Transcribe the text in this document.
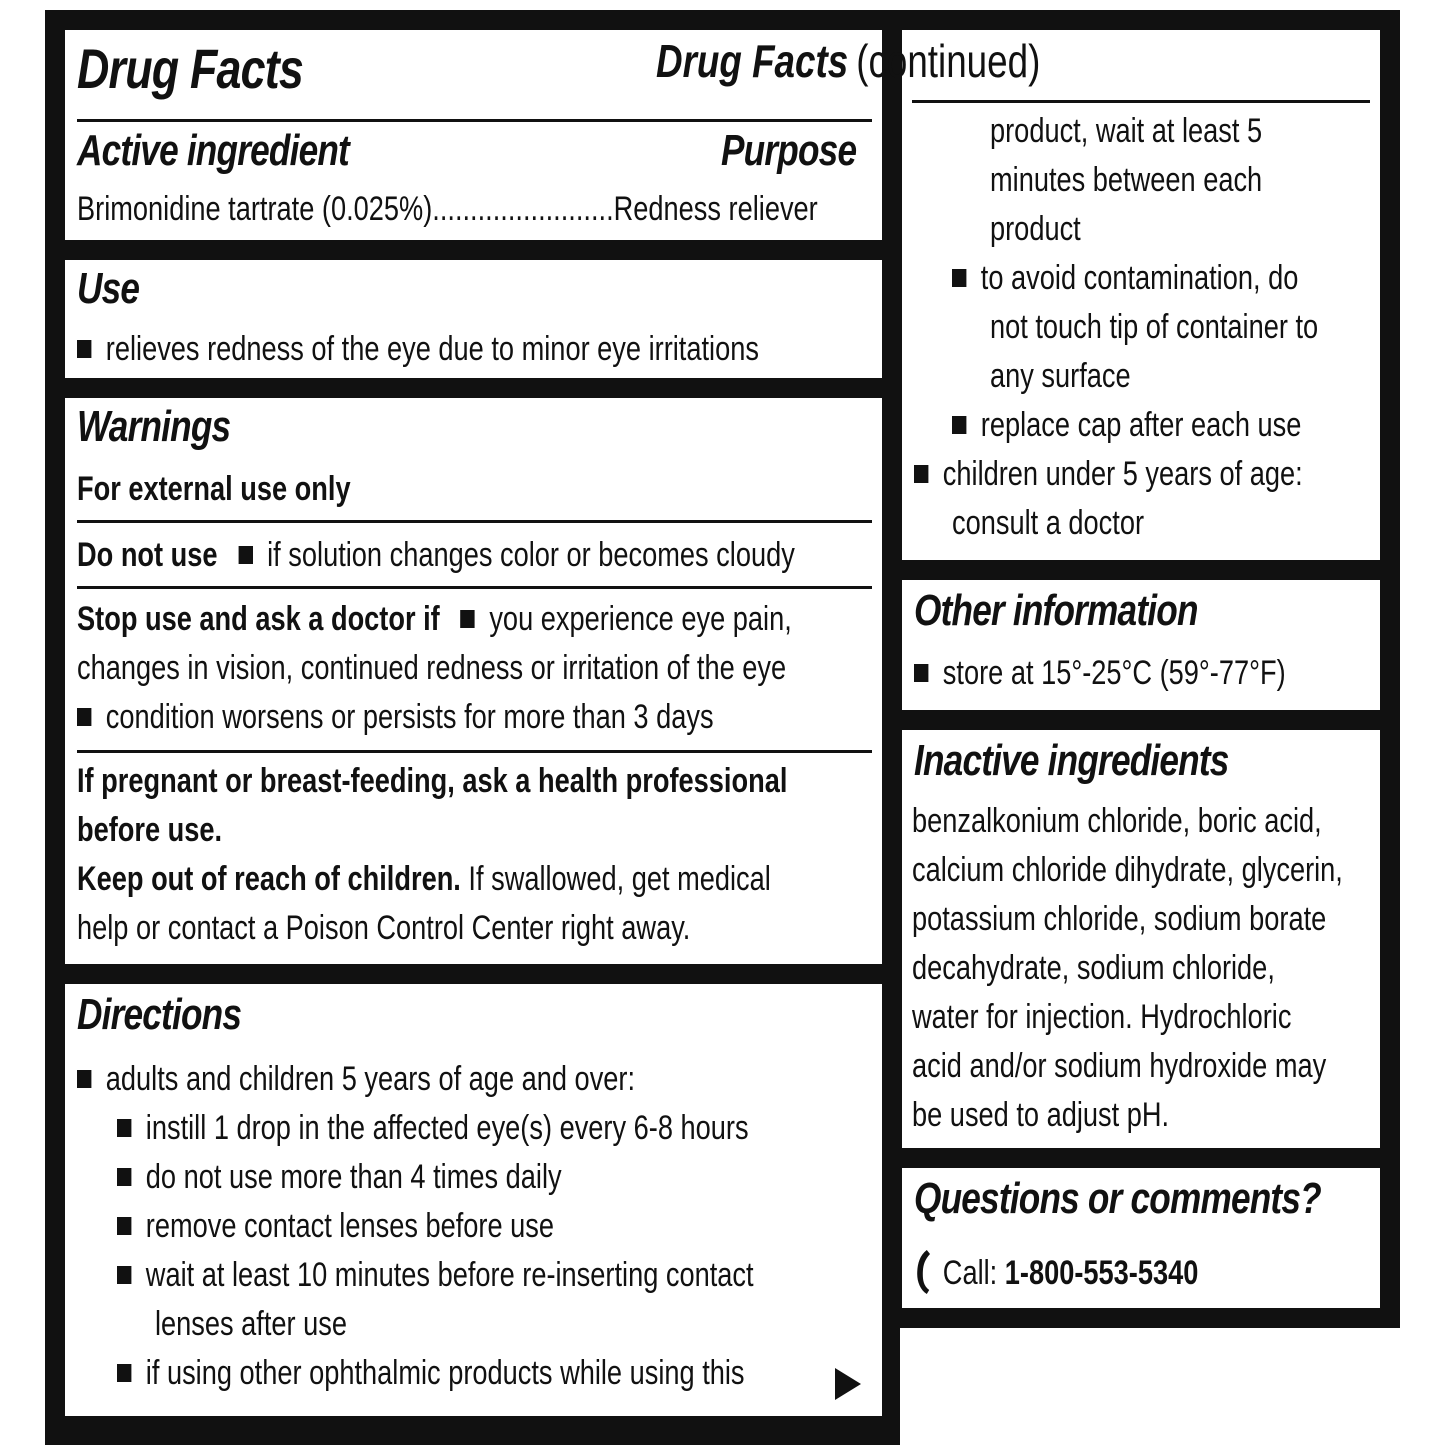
Drug Facts
Active ingredient	Purpose
Brimonidine tartrate (0.025%)........................Redness reliever
Drug Facts (continued)
Use
relieves redness of the eye due to minor eye irritations
Warnings
For external use only
Do not use if solution changes color or becomes cloudy
Stop use and ask a doctor if you experience eye pain,
changes in vision, continued redness or irritation of the eye
condition worsens or persists for more than 3 days
If pregnant or breast-feeding, ask a health professional
before use.
Keep out of reach of children. If swallowed, get medical
help or contact a Poison Control Center right away.
Directions
adults and children 5 years of age and over:
instill 1 drop in the affected eye(s) every 6-8 hours
do not use more than 4 times daily
remove contact lenses before use
wait at least 10 minutes before re-inserting contact
lenses after use
if using other ophthalmic products while using this
product, wait at least 5
minutes between each
product
to avoid contamination, do
not touch tip of container to
any surface
replace cap after each use
children under 5 years of age:
consult a doctor
Other information
store at 15°-25°C (59°-77°F)
Inactive ingredients
benzalkonium chloride, boric acid,
calcium chloride dihydrate, glycerin,
potassium chloride, sodium borate
decahydrate, sodium chloride,
water for injection. Hydrochloric
acid and/or sodium hydroxide may
be used to adjust pH.
Questions or comments?
Call: 1-800-553-5340
